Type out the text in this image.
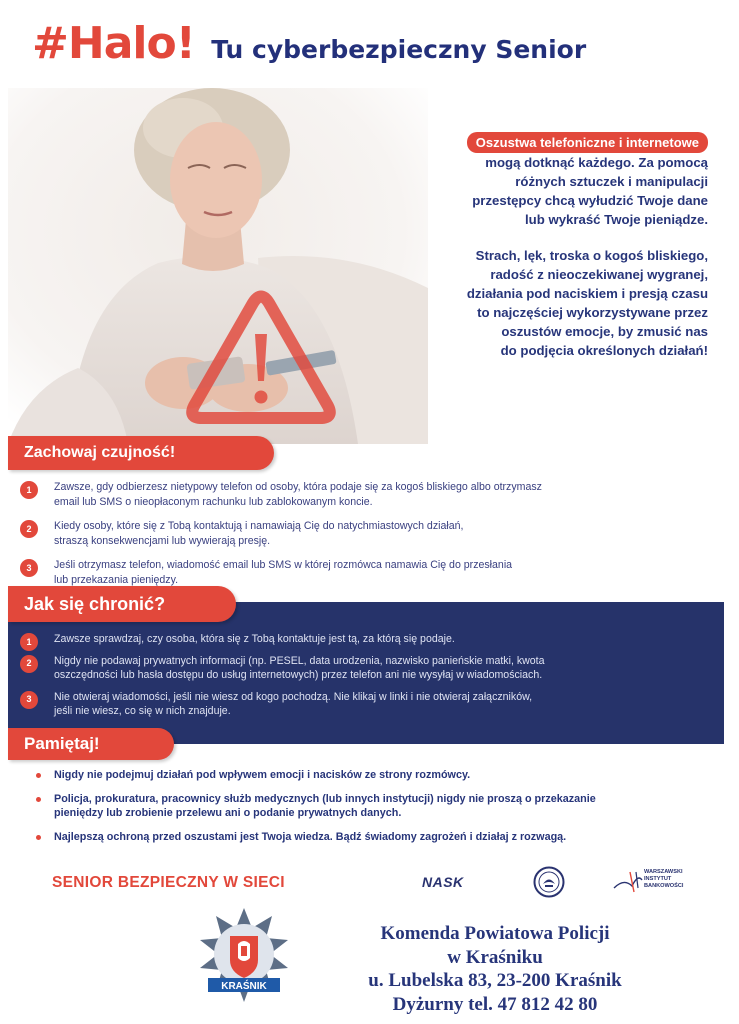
#Halo! Tu cyberbezpieczny Senior
Oszustwa telefoniczne i internetowe
mogą dotknąć każdego. Za pomocą
różnych sztuczek i manipulacji
przestępcy chcą wyłudzić Twoje dane
lub wykraść Twoje pieniądze.
Strach, lęk, troska o kogoś bliskiego,
radość z nieoczekiwanej wygranej,
działania pod naciskiem i presją czasu
to najczęściej wykorzystywane przez
oszustów emocje, by zmusić nas
do podjęcia określonych działań!
Zachowaj czujność!
1	Zawsze, gdy odbierzesz nietypowy telefon od osoby, która podaje się za kogoś bliskiego albo otrzymasz
email lub SMS o nieopłaconym rachunku lub zablokowanym koncie.
2	Kiedy osoby, które się z Tobą kontaktują i namawiają Cię do natychmiastowych działań,
straszą konsekwencjami lub wywierają presję.
3	Jeśli otrzymasz telefon, wiadomość email lub SMS w której rozmówca namawia Cię do przesłania
lub przekazania pieniędzy.
Jak się chronić?
1	Zawsze sprawdzaj, czy osoba, która się z Tobą kontaktuje jest tą, za którą się podaje.
2	Nigdy nie podawaj prywatnych informacji (np. PESEL, data urodzenia, nazwisko panieńskie matki, kwota
oszczędności lub hasła dostępu do usług internetowych) przez telefon ani nie wysyłaj w wiadomościach.
3	Nie otwieraj wiadomości, jeśli nie wiesz od kogo pochodzą. Nie klikaj w linki i nie otwieraj załączników,
jeśli nie wiesz, co się w nich znajduje.
Pamiętaj!
Nigdy nie podejmuj działań pod wpływem emocji i nacisków ze strony rozmówcy.
Policja, prokuratura, pracownicy służb medycznych (lub innych instytucji) nigdy nie proszą o przekazanie
pieniędzy lub zrobienie przelewu ani o podanie prywatnych danych.
Najlepszą ochroną przed oszustami jest Twoja wiedza. Bądź świadomy zagrożeń i działaj z rozwagą.
SENIOR BEZPIECZNY W SIECI	NASK
WARSZAWSKI
INSTYTUT
BANKOWOŚCI
KRAŚNIK
Komenda Powiatowa Policji
w Kraśniku
u. Lubelska 83, 23-200 Kraśnik
Dyżurny tel. 47 812 42 80
